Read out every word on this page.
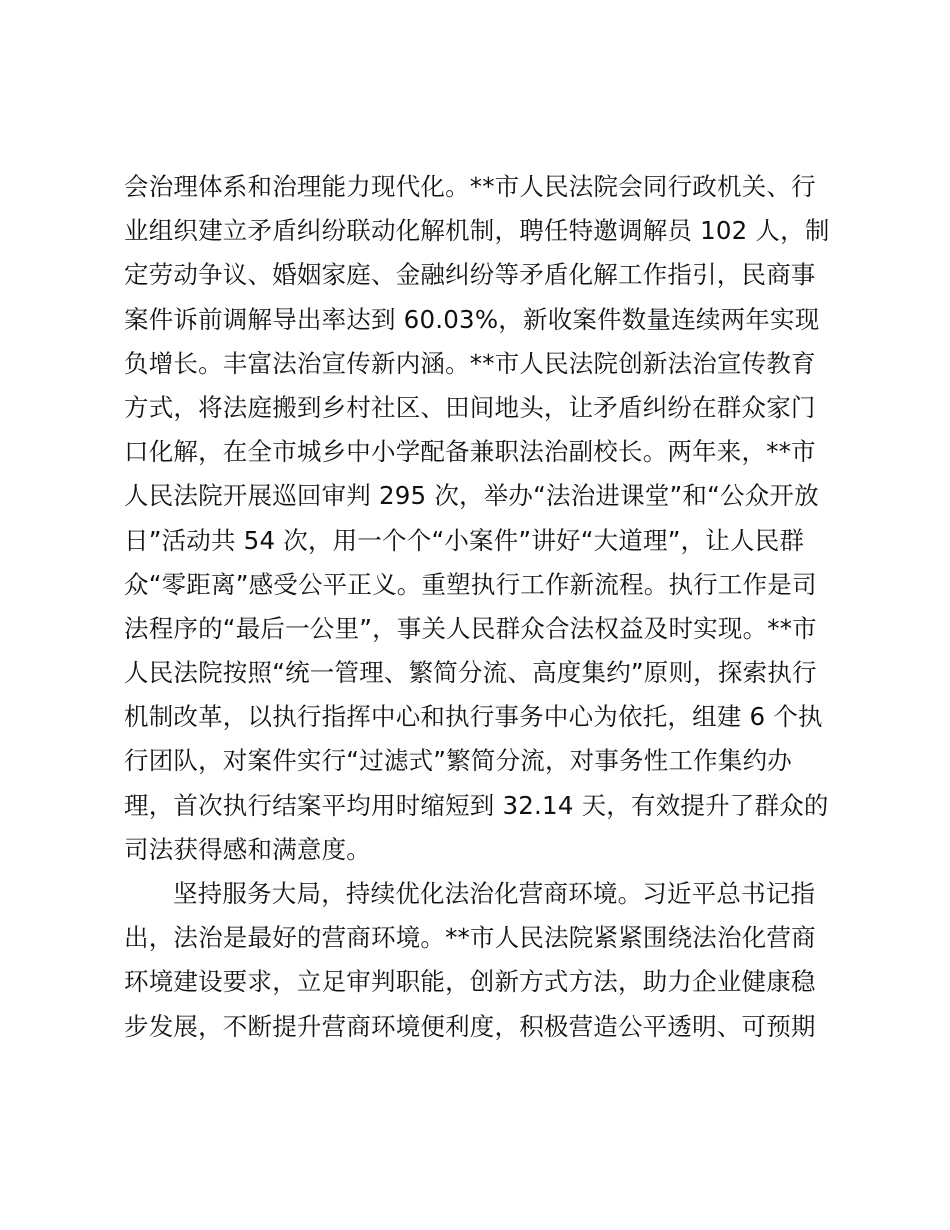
会治理体系和治理能力现代化。**市人民法院会同行政机关、行
业组织建立矛盾纠纷联动化解机制，聘任特邀调解员 102 人，制
定劳动争议、婚姻家庭、金融纠纷等矛盾化解工作指引，民商事
案件诉前调解导出率达到 60.03%，新收案件数量连续两年实现
负增长。丰富法治宣传新内涵。**市人民法院创新法治宣传教育
方式，将法庭搬到乡村社区、田间地头，让矛盾纠纷在群众家门
口化解，在全市城乡中小学配备兼职法治副校长。两年来，**市
人民法院开展巡回审判 295 次，举办“法治进课堂”和“公众开放
日”活动共 54 次，用一个个“小案件”讲好“大道理”，让人民群
众“零距离”感受公平正义。重塑执行工作新流程。执行工作是司
法程序的“最后一公里”，事关人民群众合法权益及时实现。**市
人民法院按照“统一管理、繁简分流、高度集约”原则，探索执行
机制改革，以执行指挥中心和执行事务中心为依托，组建 6 个执
行团队，对案件实行“过滤式”繁简分流，对事务性工作集约办
理，首次执行结案平均用时缩短到 32.14 天，有效提升了群众的
司法获得感和满意度。
坚持服务大局，持续优化法治化营商环境。习近平总书记指
出，法治是最好的营商环境。**市人民法院紧紧围绕法治化营商
环境建设要求，立足审判职能，创新方式方法，助力企业健康稳
步发展，不断提升营商环境便利度，积极营造公平透明、可预期
